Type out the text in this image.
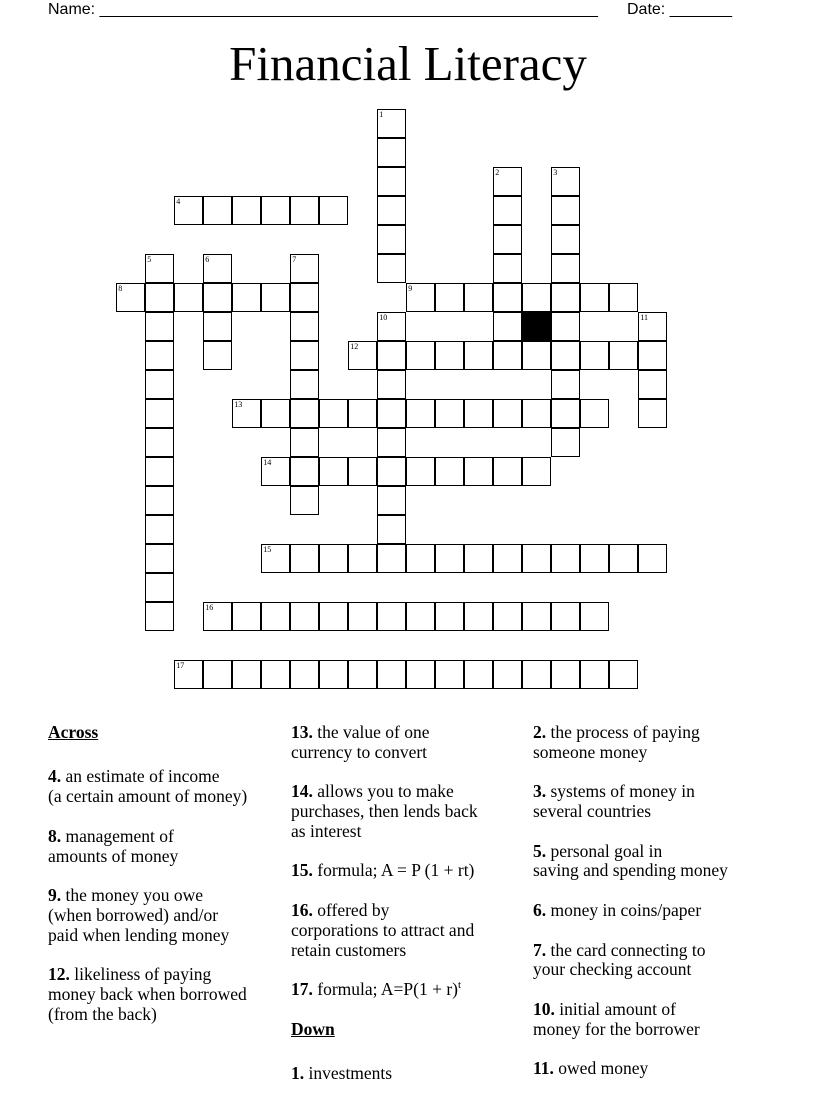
Name: ________________________________________________________ Date: _______
Financial Literacy
1
2	3
4
5	6	7
8	9
10	11
12
13
14
15
16
17

Across

4. an estimate of income
(a certain amount of money)

8. management of
amounts of money

9. the money you owe
(when borrowed) and/or
paid when lending money

12. likeliness of paying
money back when borrowed
(from the back)

13. the value of one
currency to convert

14. allows you to make
purchases, then lends back
as interest

15. formula; A = P (1 + rt)

16. offered by
corporations to attract and
retain customers

17. formula; $A=P(1 + r)^t$

Down

1. investments

2. the process of paying
someone money

3. systems of money in
several countries

5. personal goal in
saving and spending money

6. money in coins/paper

7. the card connecting to
your checking account

10. initial amount of
money for the borrower

11. owed money
